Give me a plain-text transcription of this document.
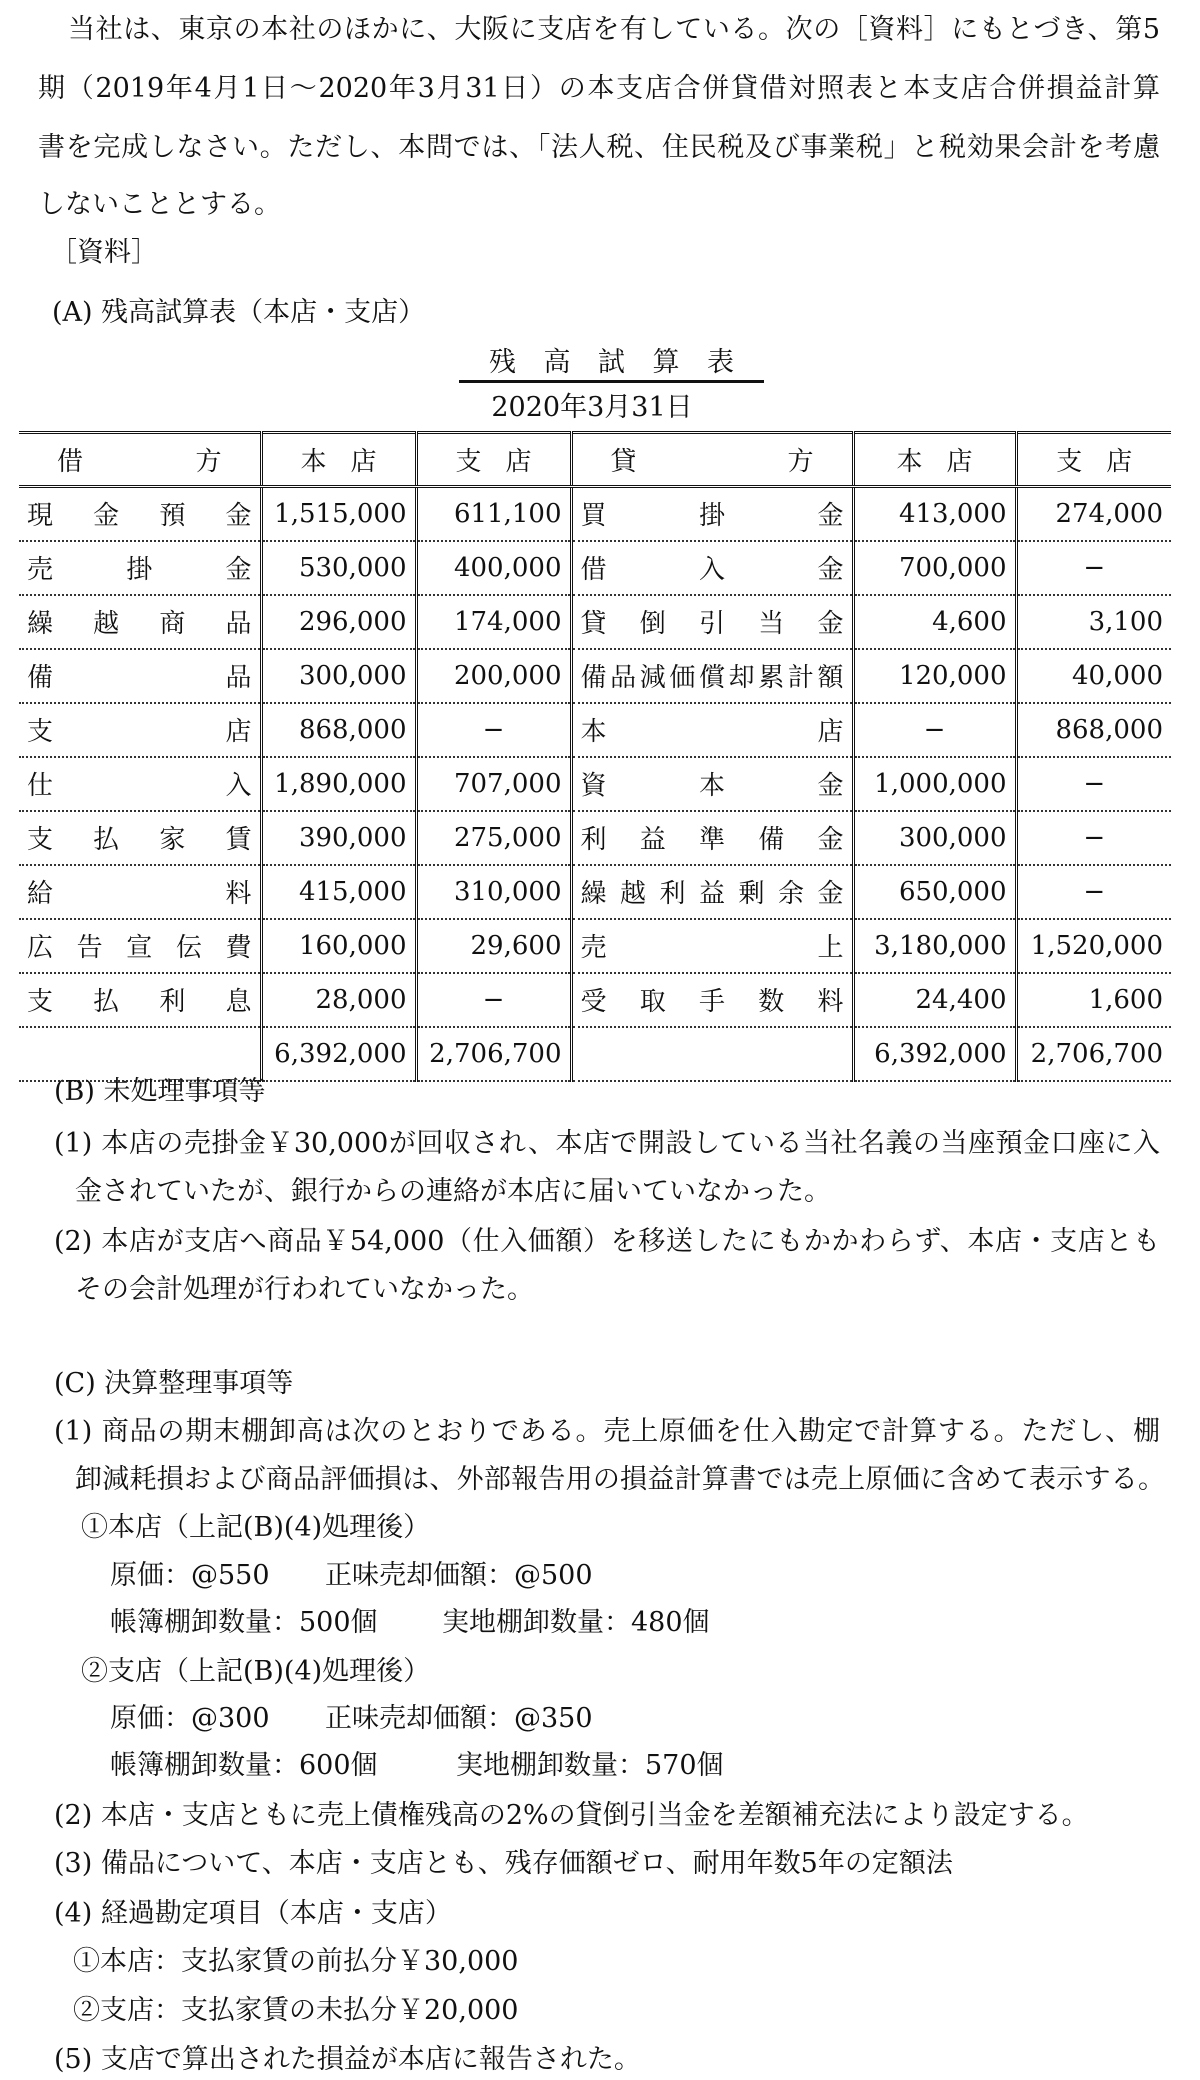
当社は、東京の本社のほかに、大阪に支店を有している。次の［資料］にもとづき、第5
期（2019年4月1日〜2020年3月31日）の本支店合併貸借対照表と本支店合併損益計算
書を完成しなさい。ただし、本問では、「法人税、住民税及び事業税」と税効果会計を考慮
しないこととする。
［資料］
(A) 残高試算表（本店・支店）
残高試算表
2020年3月31日
借方	本店	支店	貸方	本店	支店

現金預金	1,515,000	611,100	買掛金	413,000	274,000

売掛金	530,000	400,000	借入金	700,000	−

繰越商品	296,000	174,000	貸倒引当金	4,600	3,100

備品	300,000	200,000	備品減価償却累計額	120,000	40,000

支店	868,000	−	本店	−	868,000

仕入	1,890,000	707,000	資本金	1,000,000	−

支払家賃	390,000	275,000	利益準備金	300,000	−

給料	415,000	310,000	繰越利益剰余金	650,000	−

広告宣伝費	160,000	29,600	売上	3,180,000	1,520,000

支払利息	28,000	−	受取手数料	24,400	1,600

	6,392,000	2,706,700		6,392,000	2,706,700
(B) 未処理事項等
(1) 本店の売掛金￥30,000が回収され、本店で開設している当社名義の当座預金口座に入
金されていたが、銀行からの連絡が本店に届いていなかった。
(2) 本店が支店へ商品￥54,000（仕入価額）を移送したにもかかわらず、本店・支店とも
その会計処理が行われていなかった。
(C) 決算整理事項等
(1) 商品の期末棚卸高は次のとおりである。売上原価を仕入勘定で計算する。ただし、棚
卸減耗損および商品評価損は、外部報告用の損益計算書では売上原価に含めて表示する。
①本店（上記(B)(4)処理後）
原価：@550 正味売却価額：@500
帳簿棚卸数量：500個 実地棚卸数量：480個
②支店（上記(B)(4)処理後）
原価：@300 正味売却価額：@350
帳簿棚卸数量：600個	実地棚卸数量：570個
(2) 本店・支店ともに売上債権残高の2%の貸倒引当金を差額補充法により設定する。
(3) 備品について、本店・支店とも、残存価額ゼロ、耐用年数5年の定額法
(4) 経過勘定項目（本店・支店）
①本店：支払家賃の前払分￥30,000
②支店：支払家賃の未払分￥20,000
(5) 支店で算出された損益が本店に報告された。
